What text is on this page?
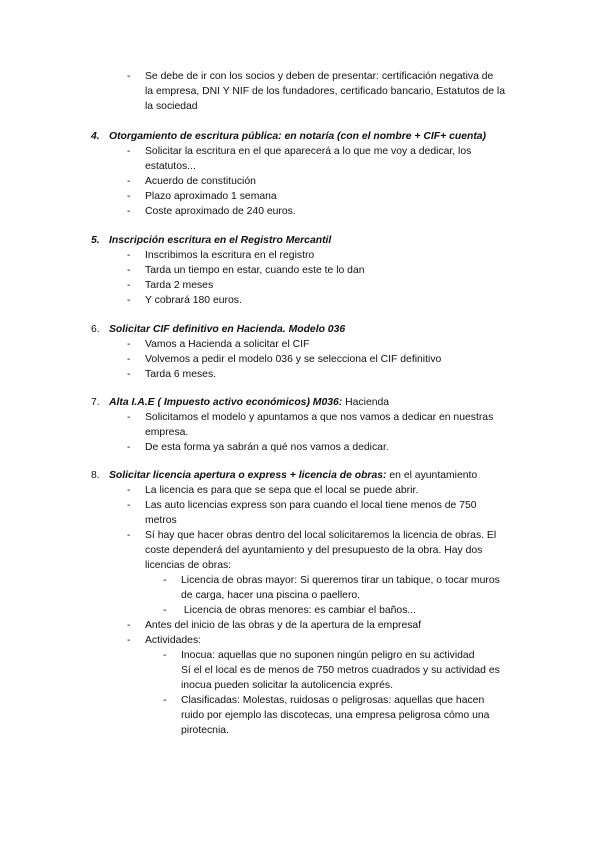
- Se debe de ir con los socios y deben de presentar: certificación negativa de
la empresa, DNI Y NIF de los fundadores, certificado bancario, Estatutos de la
la sociedad
4. Otorgamiento de escritura pública: en notaría (con el nombre + CIF+ cuenta)
- Solicitar la escritura en el que aparecerá a lo que me voy a dedicar, los
estatutos...
- Acuerdo de constitución
- Plazo aproximado 1 semana
- Coste aproximado de 240 euros.
5. Inscripción escritura en el Registro Mercantil
- Inscribimos la escritura en el registro
- Tarda un tiempo en estar, cuando este te lo dan
- Tarda 2 meses
- Y cobrará 180 euros.
6. Solicitar CIF definitivo en Hacienda. Modelo 036
- Vamos a Hacienda a solicitar el CIF
- Volvemos a pedir el modelo 036 y se selecciona el CIF definitivo
- Tarda 6 meses.
7. Alta I.A.E ( Impuesto activo económicos) M036: Hacienda
- Solicitamos el modelo y apuntamos a que nos vamos a dedicar en nuestras
empresa.
- De esta forma ya sabrán a qué nos vamos a dedicar.
8. Solicitar licencia apertura o express + licencia de obras: en el ayuntamiento
- La licencia es para que se sepa que el local se puede abrir.
- Las auto licencias express son para cuando el local tiene menos de 750
metros
- Sí hay que hacer obras dentro del local solicitaremos la licencia de obras. El
coste dependerá del ayuntamiento y del presupuesto de la obra. Hay dos
licencias de obras:
- Licencia de obras mayor: Si queremos tirar un tabique, o tocar muros
de carga, hacer una piscina o paellero.
- Licencia de obras menores: es cambiar el baños...
- Antes del inicio de las obras y de la apertura de la empresaf
- Actividades:
- Inocua: aquellas que no suponen ningún peligro en su actividad
Sí el el local es de menos de 750 metros cuadrados y su actividad es
inocua pueden solicitar la autolicencia exprés.
- Clasificadas: Molestas, ruidosas o peligrosas: aquellas que hacen
ruido por ejemplo las discotecas, una empresa peligrosa cómo una
pirotecnia.
